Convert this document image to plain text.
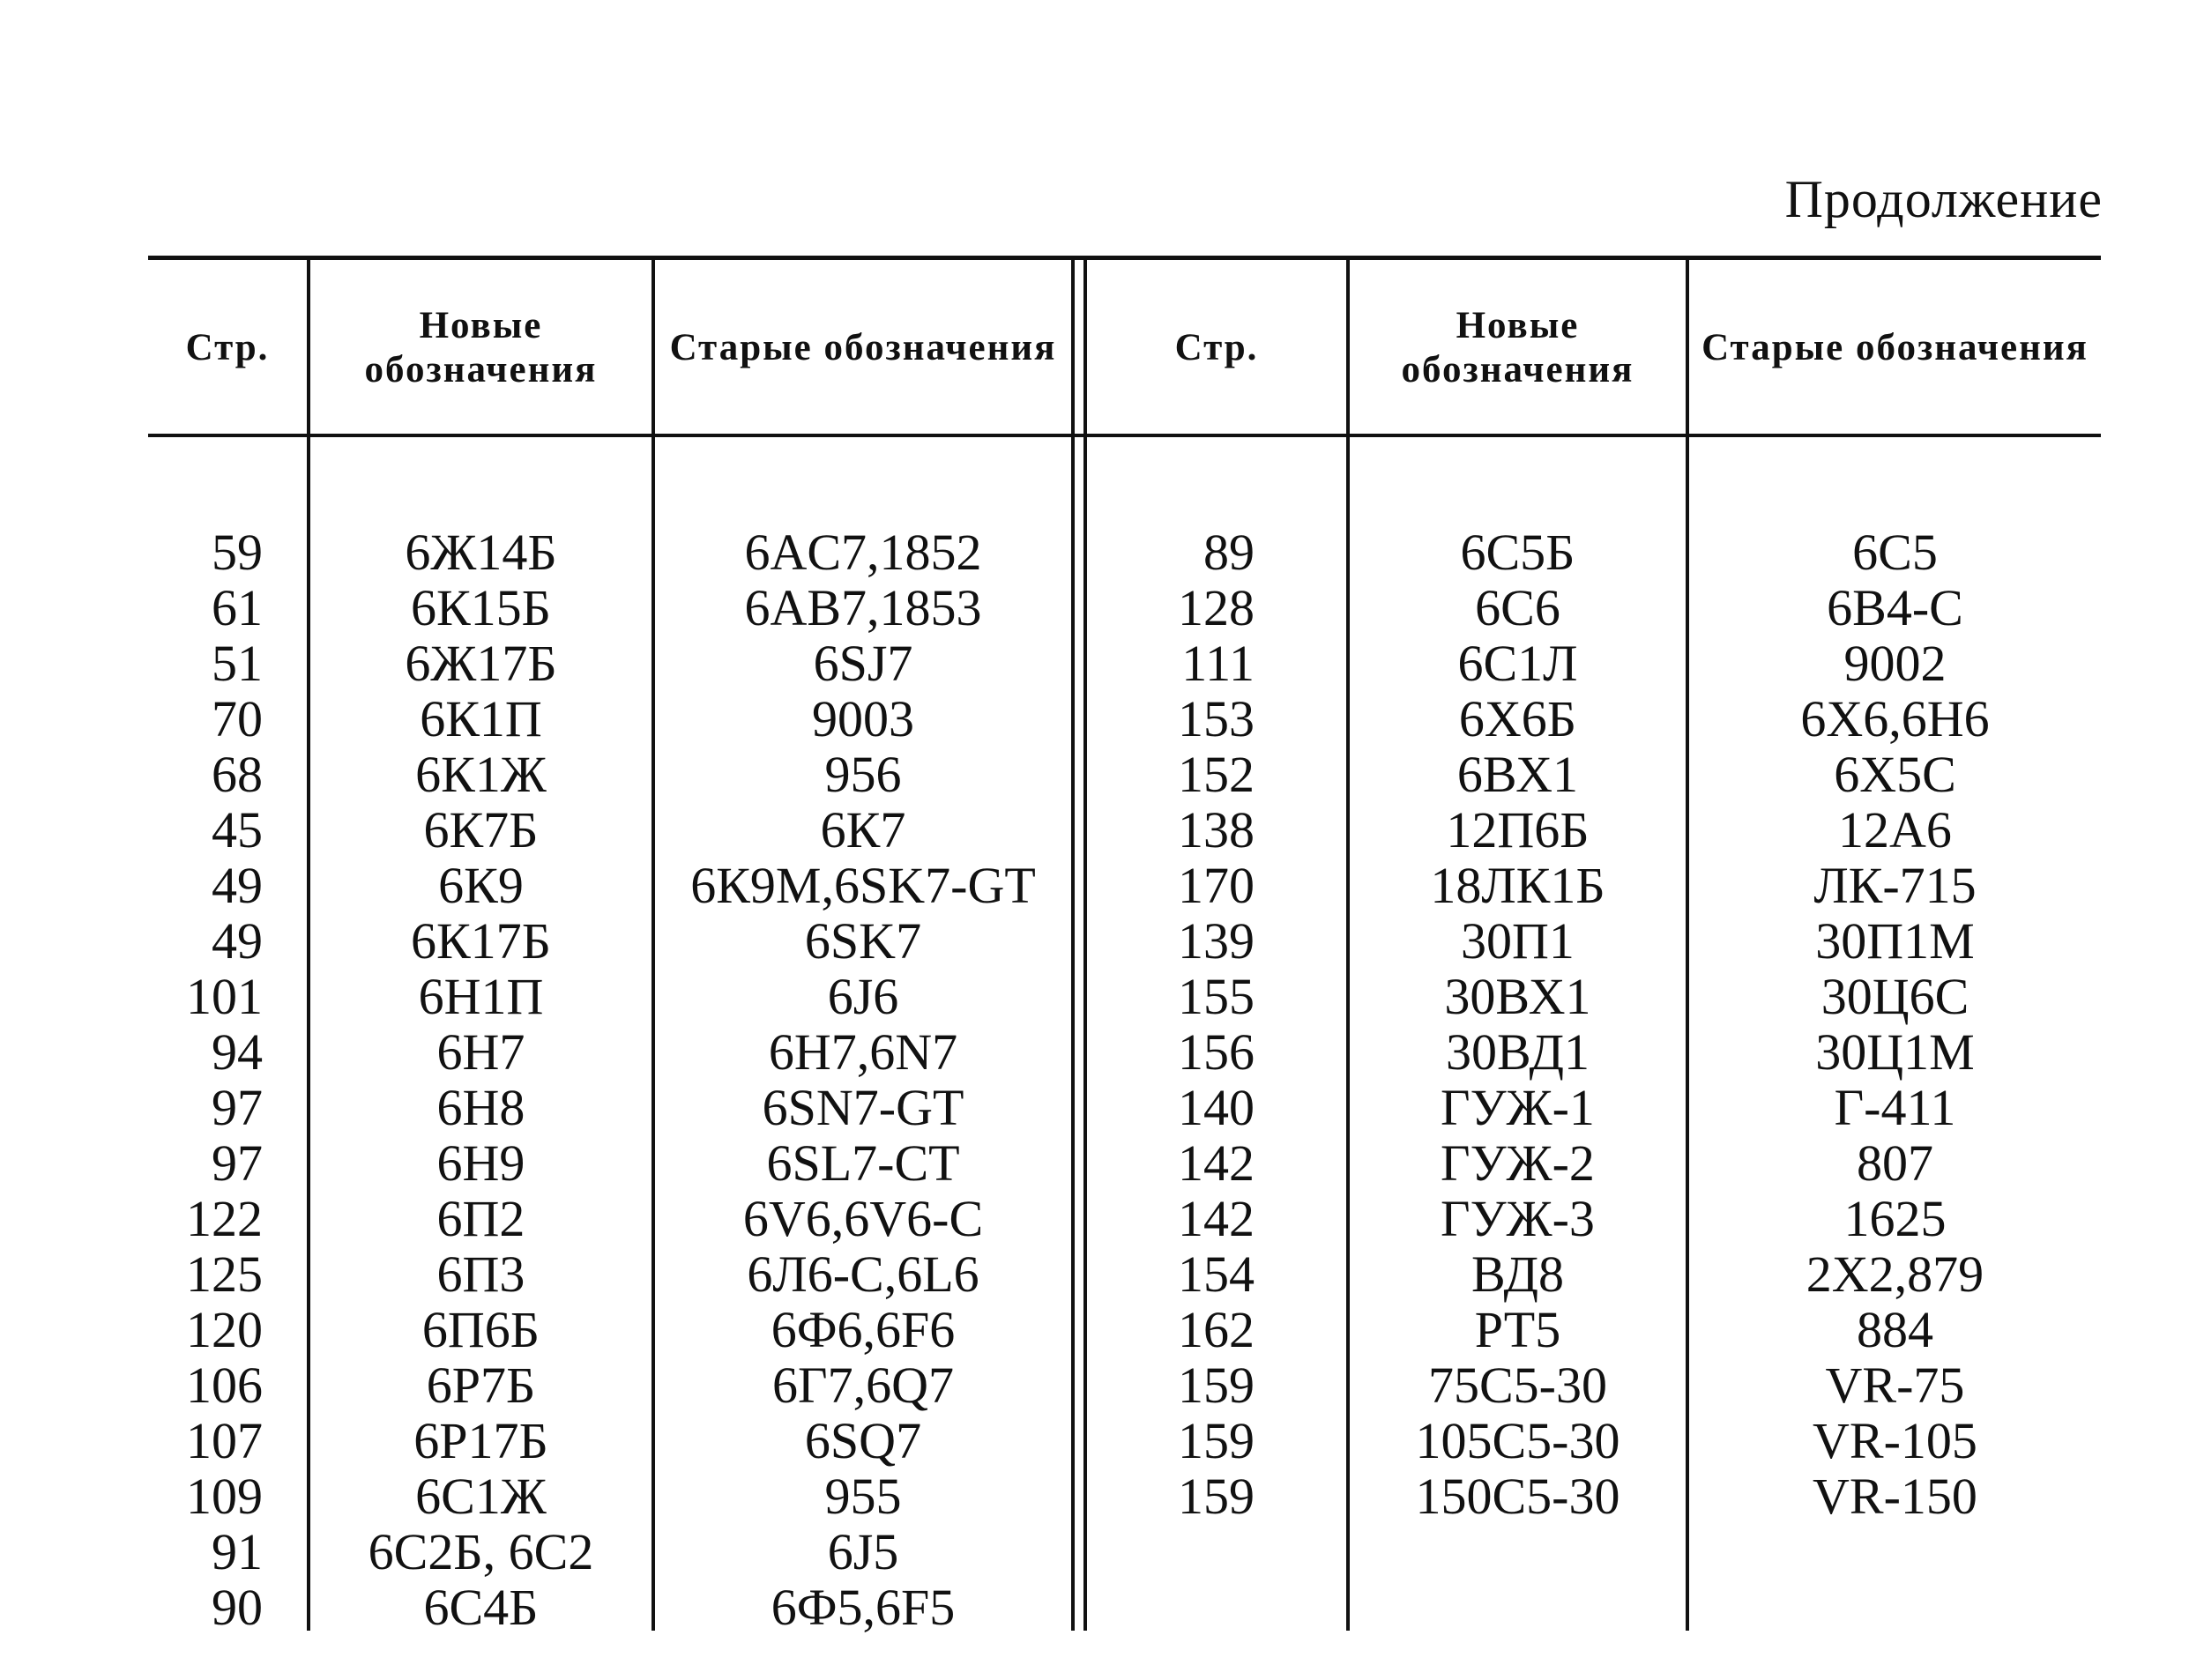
Продолжение
Стр.
Новые обозначения
Старые обозначения	Стр.
Новые обозначения
Старые обозначения
59
61
51
70
68
45
49
49
101
94
97
97
122
125
120
106
107
109
91
90
6Ж14Б
6К15Б
6Ж17Б
6К1П
6К1Ж
6К7Б
6К9
6К17Б
6Н1П
6Н7
6Н8
6Н9
6П2
6П3
6П6Б
6Р7Б
6Р17Б
6С1Ж
6С2Б, 6С2
6С4Б
6AC7,1852
6AB7,1853
6SJ7
9003
956
6К7
6К9М,6SK7-GT
6SK7
6J6
6Н7,6N7
6SN7-GT
6SL7-CT
6V6,6V6-C
6Л6-С,6L6
6Ф6,6F6
6Г7,6Q7
6SQ7
955
6J5
6Ф5,6F5
89
128
111
153
152
138
170
139
155
156
140
142
142
154
162
159
159
159
6С5Б
6С6
6С1Л
6Х6Б
6ВХ1
12П6Б
18ЛК1Б
30П1
30ВХ1
30ВД1
ГУЖ-1
ГУЖ-2
ГУЖ-3
ВД8
РТ5
75С5-30
105С5-30
150С5-30
6С5
6В4-С
9002
6Х6,6Н6
6Х5С
12А6
ЛК-715
30П1М
30Ц6С
30Ц1М
Г-411
807
1625
2Х2,879
884
VR-75
VR-105
VR-150
